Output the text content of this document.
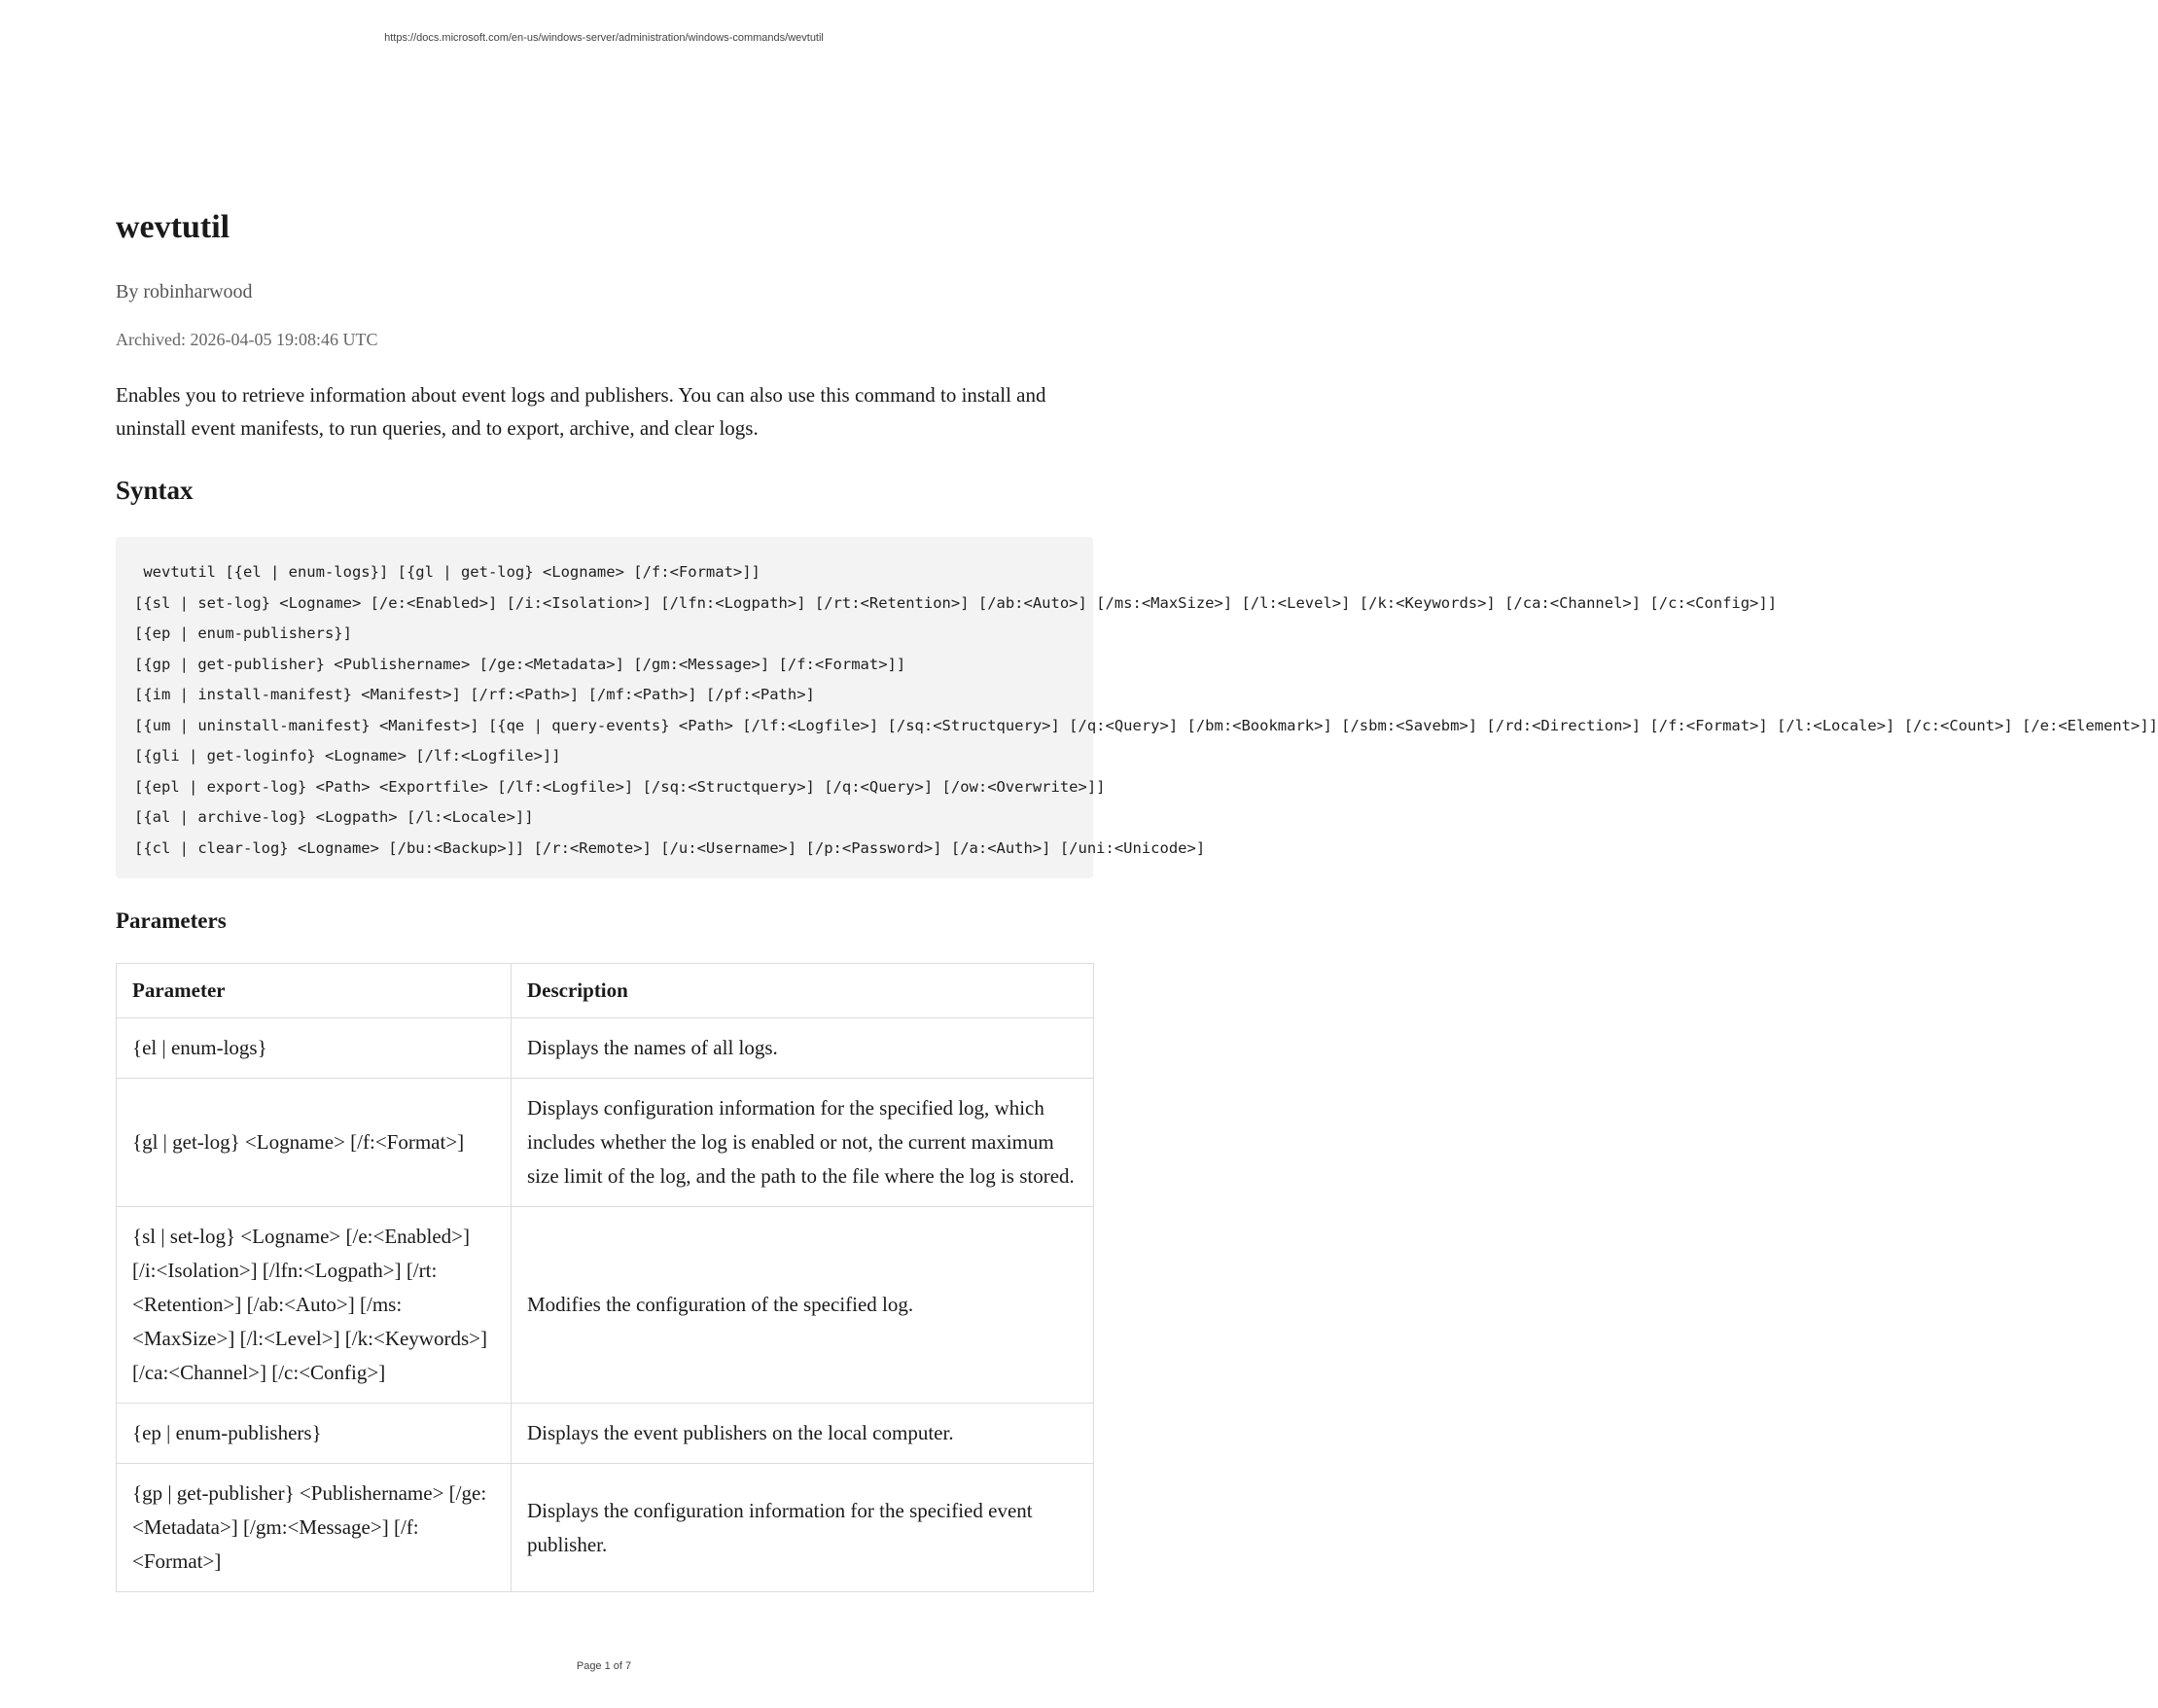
https://docs.microsoft.com/en-us/windows-server/administration/windows-commands/wevtutil
wevtutil
By robinharwood
Archived: 2026-04-05 19:08:46 UTC

Enables you to retrieve information about event logs and publishers. You can also use this command to install and uninstall event manifests, to run queries, and to export, archive, and clear logs.

Syntax
wevtutil [{el | enum-logs}] [{gl | get-log} <Logname> [/f:<Format>]]
[{sl | set-log} <Logname> [/e:<Enabled>] [/i:<Isolation>] [/lfn:<Logpath>] [/rt:<Retention>] [/ab:<Auto>] [/ms:<MaxSize>] [/l:<Level>] [/k:<Keywords>] [/ca:<Channel>] [/c:<Config>]]
[{ep | enum-publishers}]
[{gp | get-publisher} <Publishername> [/ge:<Metadata>] [/gm:<Message>] [/f:<Format>]]
[{im | install-manifest} <Manifest>] [/rf:<Path>] [/mf:<Path>] [/pf:<Path>]
[{um | uninstall-manifest} <Manifest>] [{qe | query-events} <Path> [/lf:<Logfile>] [/sq:<Structquery>] [/q:<Query>] [/bm:<Bookmark>] [/sbm:<Savebm>] [/rd:<Direction>] [/f:<Format>] [/l:<Locale>] [/c:<Count>] [/e:<Element>]]
[{gli | get-loginfo} <Logname> [/lf:<Logfile>]]
[{epl | export-log} <Path> <Exportfile> [/lf:<Logfile>] [/sq:<Structquery>] [/q:<Query>] [/ow:<Overwrite>]]
[{al | archive-log} <Logpath> [/l:<Locale>]]
[{cl | clear-log} <Logname> [/bu:<Backup>]] [/r:<Remote>] [/u:<Username>] [/p:<Password>] [/a:<Auth>] [/uni:<Unicode>]
Parameters
Parameter	Description
{el | enum-logs}	Displays the names of all logs.
{gl | get-log} <Logname> [/f:<Format>]	Displays configuration information for the specified log, which includes whether the log is enabled or not, the current maximum size limit of the log, and the path to the file where the log is stored.
{sl | set-log} <Logname> [/e:<Enabled>] [/i:<Isolation>] [/lfn:<Logpath>] [/rt:<Retention>] [/ab:<Auto>] [/ms:<MaxSize>] [/l:<Level>] [/k:<Keywords>] [/ca:<Channel>] [/c:<Config>]	Modifies the configuration of the specified log.
{ep | enum-publishers}	Displays the event publishers on the local computer.
{gp | get-publisher} <Publishername> [/ge:<Metadata>] [/gm:<Message>] [/f:<Format>]	Displays the configuration information for the specified event publisher.
Page 1 of 7
